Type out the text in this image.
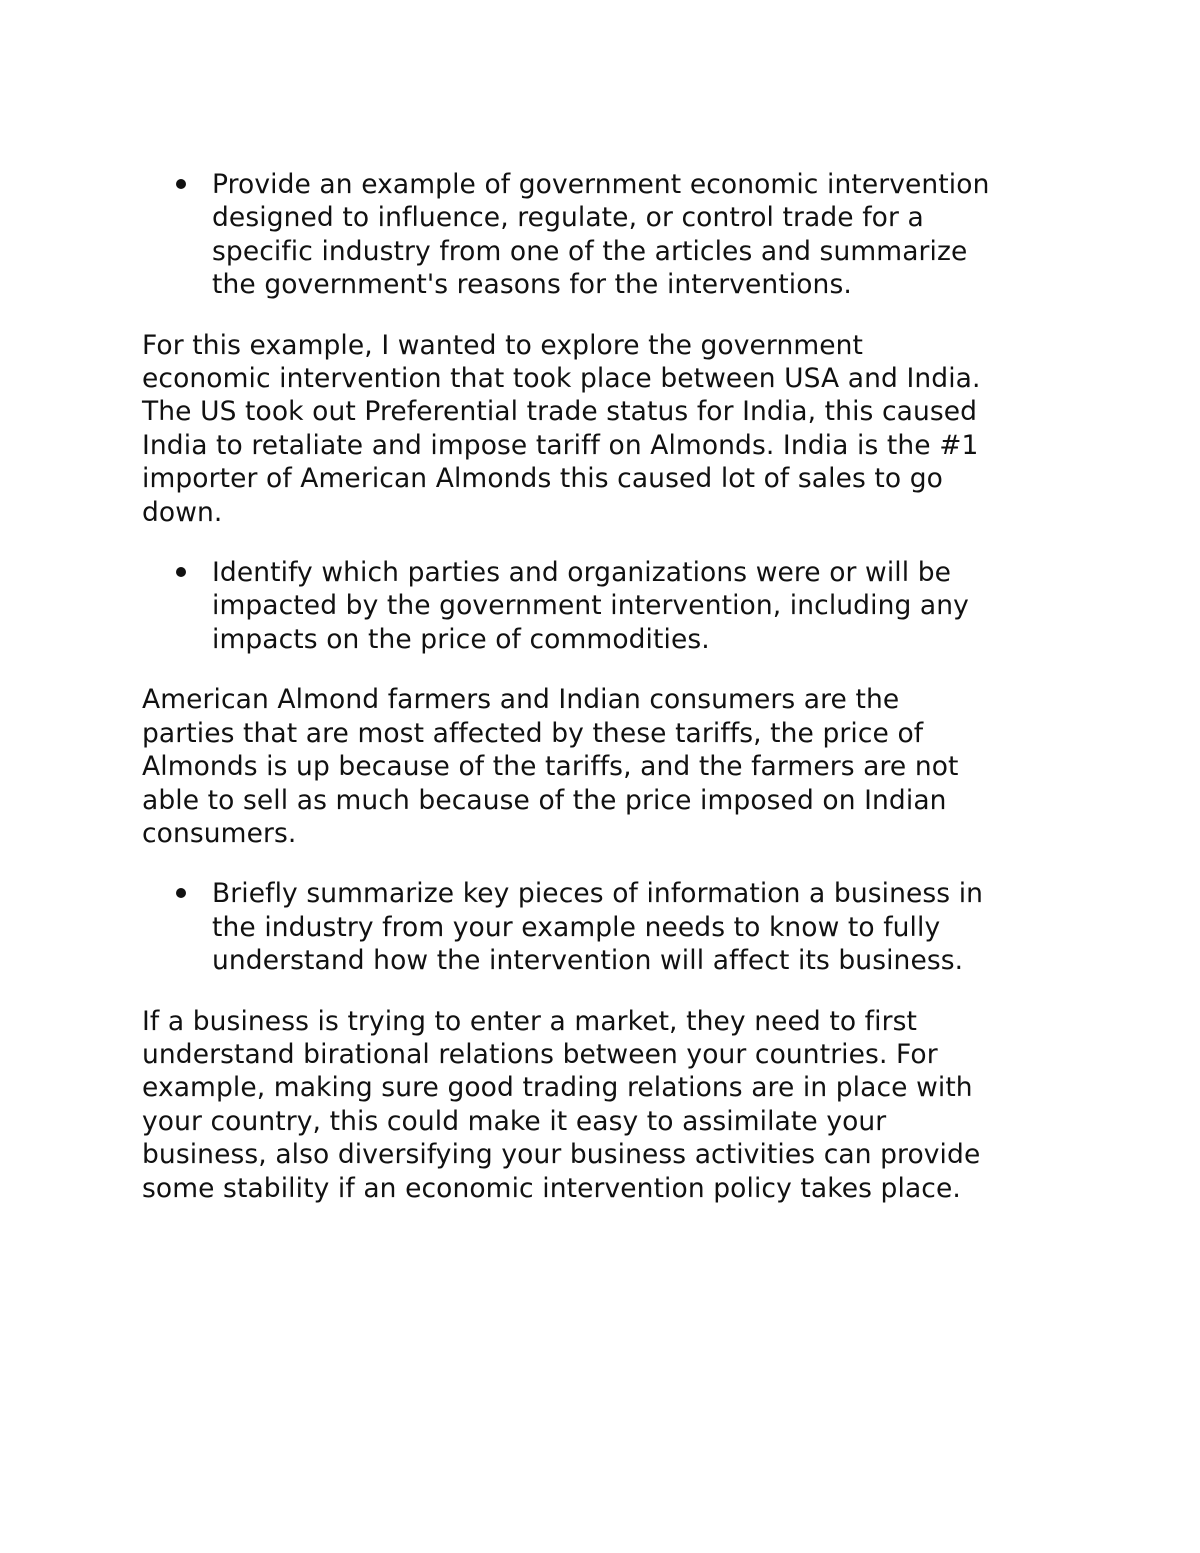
Provide an example of government economic intervention
designed to influence, regulate, or control trade for a
specific industry from one of the articles and summarize
the government's reasons for the interventions.
For this example, I wanted to explore the government
economic intervention that took place between USA and India.
The US took out Preferential trade status for India, this caused
India to retaliate and impose tariff on Almonds. India is the #1
importer of American Almonds this caused lot of sales to go
down.
Identify which parties and organizations were or will be
impacted by the government intervention, including any
impacts on the price of commodities.
American Almond farmers and Indian consumers are the
parties that are most affected by these tariffs, the price of
Almonds is up because of the tariffs, and the farmers are not
able to sell as much because of the price imposed on Indian
consumers.
Briefly summarize key pieces of information a business in
the industry from your example needs to know to fully
understand how the intervention will affect its business.
If a business is trying to enter a market, they need to first
understand birational relations between your countries. For
example, making sure good trading relations are in place with
your country, this could make it easy to assimilate your
business, also diversifying your business activities can provide
some stability if an economic intervention policy takes place.
